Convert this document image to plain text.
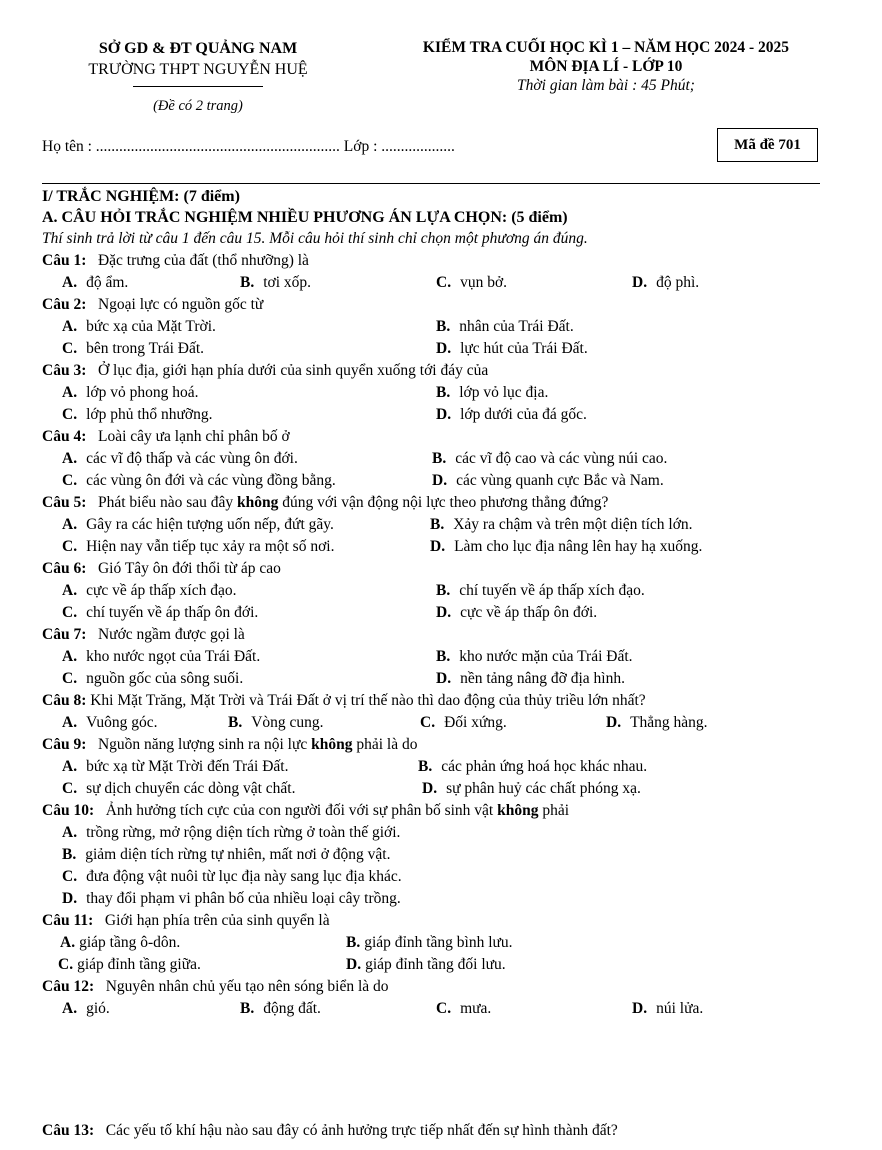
SỞ GD & ĐT QUẢNG NAM
TRƯỜNG THPT NGUYỄN HUỆ
(Đề có 2 trang)
KIỂM TRA CUỐI HỌC KÌ 1 – NĂM HỌC 2024 - 2025
MÔN ĐỊA LÍ - LỚP 10
Thời gian làm bài : 45 Phút;
Họ tên : ............................................................... Lớp : ...................	Mã đề 701
I/ TRẮC NGHIỆM: (7 điểm)
A. CÂU HỎI TRẮC NGHIỆM NHIỀU PHƯƠNG ÁN LỰA CHỌN: (5 điểm)
Thí sinh trả lời từ câu 1 đến câu 15. Mỗi câu hỏi thí sinh chỉ chọn một phương án đúng.
Câu 1: Đặc trưng của đất (thổ nhưỡng) là
A. độ ẩm.	B. tơi xốp.	C. vụn bở.	D. độ phì.
Câu 2: Ngoại lực có nguồn gốc từ
A. bức xạ của Mặt Trời.	B. nhân của Trái Đất.
C. bên trong Trái Đất.	D. lực hút của Trái Đất.
Câu 3: Ở lục địa, giới hạn phía dưới của sinh quyển xuống tới đáy của
A. lớp vỏ phong hoá.	B. lớp vỏ lục địa.
C. lớp phủ thổ nhưỡng.	D. lớp dưới của đá gốc.
Câu 4: Loài cây ưa lạnh chỉ phân bố ở
A. các vĩ độ thấp và các vùng ôn đới.	B. các vĩ độ cao và các vùng núi cao.
C. các vùng ôn đới và các vùng đồng bằng.	D. các vùng quanh cực Bắc và Nam.
Câu 5: Phát biểu nào sau đây không đúng với vận động nội lực theo phương thẳng đứng?
A. Gây ra các hiện tượng uốn nếp, đứt gãy.	B. Xảy ra chậm và trên một diện tích lớn.
C. Hiện nay vẫn tiếp tục xảy ra một số nơi.	D. Làm cho lục địa nâng lên hay hạ xuống.
Câu 6: Gió Tây ôn đới thổi từ áp cao
A. cực về áp thấp xích đạo.	B. chí tuyến về áp thấp xích đạo.
C. chí tuyến về áp thấp ôn đới.	D. cực về áp thấp ôn đới.
Câu 7: Nước ngầm được gọi là
A. kho nước ngọt của Trái Đất.	B. kho nước mặn của Trái Đất.
C. nguồn gốc của sông suối.	D. nền tảng nâng đỡ địa hình.
Câu 8: Khi Mặt Trăng, Mặt Trời và Trái Đất ở vị trí thế nào thì dao động của thủy triều lớn nhất?
A. Vuông góc.	B. Vòng cung.	C. Đối xứng.	D. Thẳng hàng.
Câu 9: Nguồn năng lượng sinh ra nội lực không phải là do
A. bức xạ từ Mặt Trời đến Trái Đất.	B. các phản ứng hoá học khác nhau.
C. sự dịch chuyển các dòng vật chất.	D. sự phân huỷ các chất phóng xạ.
Câu 10: Ảnh hưởng tích cực của con người đối với sự phân bố sinh vật không phải
A. trồng rừng, mở rộng diện tích rừng ở toàn thế giới.
B. giảm diện tích rừng tự nhiên, mất nơi ở động vật.
C. đưa động vật nuôi từ lục địa này sang lục địa khác.
D. thay đổi phạm vi phân bố của nhiều loại cây trồng.
Câu 11: Giới hạn phía trên của sinh quyển là
A. giáp tầng ô-dôn.	B. giáp đỉnh tầng bình lưu.
C. giáp đỉnh tầng giữa.	D. giáp đỉnh tầng đối lưu.
Câu 12: Nguyên nhân chủ yếu tạo nên sóng biển là do
A. gió.	B. động đất.	C. mưa.	D. núi lửa.
Câu 13: Các yếu tố khí hậu nào sau đây có ảnh hưởng trực tiếp nhất đến sự hình thành đất?
